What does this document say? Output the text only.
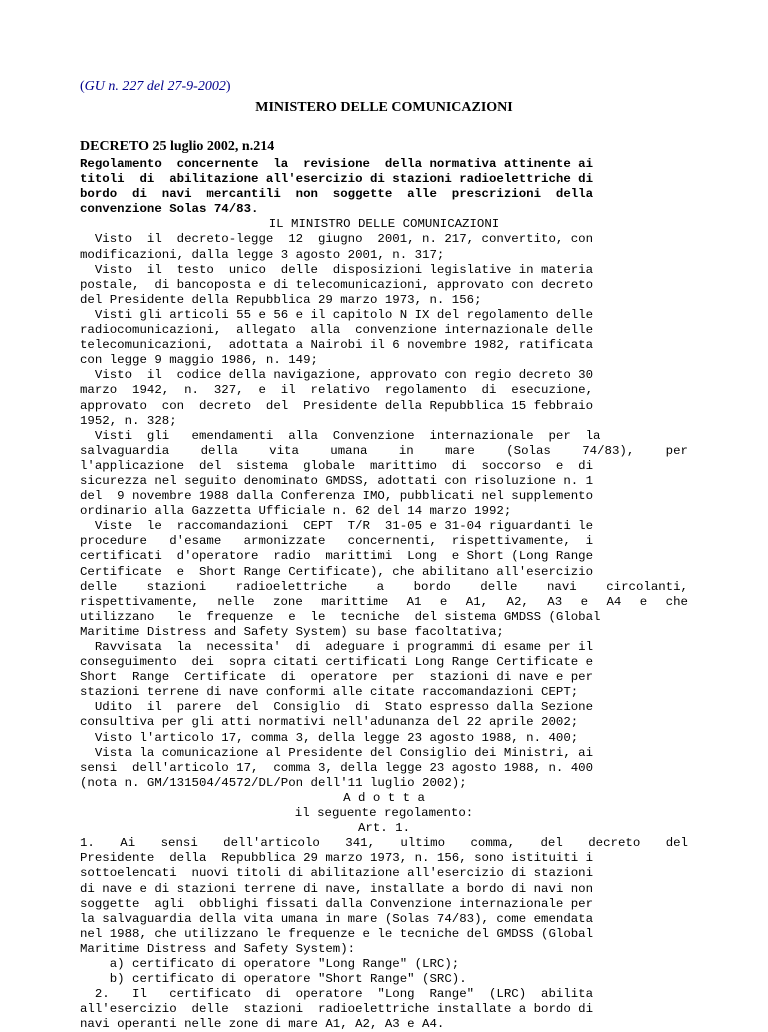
(GU n. 227 del 27-9-2002)
MINISTERO DELLE COMUNICAZIONI
DECRETO 25 luglio 2002, n.214
Regolamento  concernente  la  revisione  della normativa attinente ai
titoli  di  abilitazione all'esercizio di stazioni radioelettriche di
bordo  di  navi  mercantili  non  soggette  alle  prescrizioni  della
convenzione Solas 74/83.
IL MINISTRO DELLE COMUNICAZIONI
Visto  il  decreto-legge  12  giugno  2001, n. 217, convertito, con
modificazioni, dalla legge 3 agosto 2001, n. 317;
Visto  il  testo  unico  delle  disposizioni legislative in materia
postale,  di bancoposta e di telecomunicazioni, approvato con decreto
del Presidente della Repubblica 29 marzo 1973, n. 156;
Visti gli articoli 55 e 56 e il capitolo N IX del regolamento delle
radiocomunicazioni,  allegato  alla  convenzione internazionale delle
telecomunicazioni,  adottata a Nairobi il 6 novembre 1982, ratificata
con legge 9 maggio 1986, n. 149;
Visto  il  codice della navigazione, approvato con regio decreto 30
marzo  1942,  n.  327,  e  il  relativo  regolamento  di  esecuzione,
approvato  con  decreto  del  Presidente della Repubblica 15 febbraio
1952, n. 328;
Visti  gli   emendamenti  alla  Convenzione  internazionale  per  la
salvaguardia della vita umana in mare (Solas 74/83), per
l'applicazione  del  sistema  globale  marittimo  di  soccorso  e  di
sicurezza nel seguito denominato GMDSS, adottati con risoluzione n. 1
del  9 novembre 1988 dalla Conferenza IMO, pubblicati nel supplemento
ordinario alla Gazzetta Ufficiale n. 62 del 14 marzo 1992;
Viste  le  raccomandazioni  CEPT  T/R  31-05 e 31-04 riguardanti le
procedure   d'esame   armonizzate   concernenti,  rispettivamente,  i
certificati  d'operatore  radio  marittimi  Long  e Short (Long Range
Certificate  e  Short Range Certificate), che abilitano all'esercizio
delle stazioni radioelettriche a bordo delle navi circolanti,
rispettivamente, nelle zone marittime A1 e A1, A2, A3 e A4 e che
utilizzano   le  frequenze  e  le  tecniche  del sistema GMDSS (Global
Maritime Distress and Safety System) su base facoltativa;
Ravvisata  la  necessita'  di  adeguare i programmi di esame per il
conseguimento  dei  sopra citati certificati Long Range Certificate e
Short  Range  Certificate  di  operatore  per  stazioni di nave e per
stazioni terrene di nave conformi alle citate raccomandazioni CEPT;
Udito  il  parere  del  Consiglio  di  Stato espresso dalla Sezione
consultiva per gli atti normativi nell'adunanza del 22 aprile 2002;
Visto l'articolo 17, comma 3, della legge 23 agosto 1988, n. 400;
Vista la comunicazione al Presidente del Consiglio dei Ministri, ai
sensi  dell'articolo 17,  comma 3, della legge 23 agosto 1988, n. 400
(nota n. GM/131504/4572/DL/Pon dell'11 luglio 2002);
A d o t t a
il seguente regolamento:
Art. 1.
1. Ai sensi dell'articolo 341, ultimo comma, del decreto del
Presidente  della  Repubblica 29 marzo 1973, n. 156, sono istituiti i
sottoelencati  nuovi titoli di abilitazione all'esercizio di stazioni
di nave e di stazioni terrene di nave, installate a bordo di navi non
soggette  agli  obblighi fissati dalla Convenzione internazionale per
la salvaguardia della vita umana in mare (Solas 74/83), come emendata
nel 1988, che utilizzano le frequenze e le tecniche del GMDSS (Global
Maritime Distress and Safety System):
a) certificato di operatore "Long Range" (LRC);
b) certificato di operatore "Short Range" (SRC).
2.   Il   certificato  di  operatore  "Long  Range"  (LRC)  abilita
all'esercizio  delle  stazioni  radioelettriche installate a bordo di
navi operanti nelle zone di mare A1, A2, A3 e A4.
